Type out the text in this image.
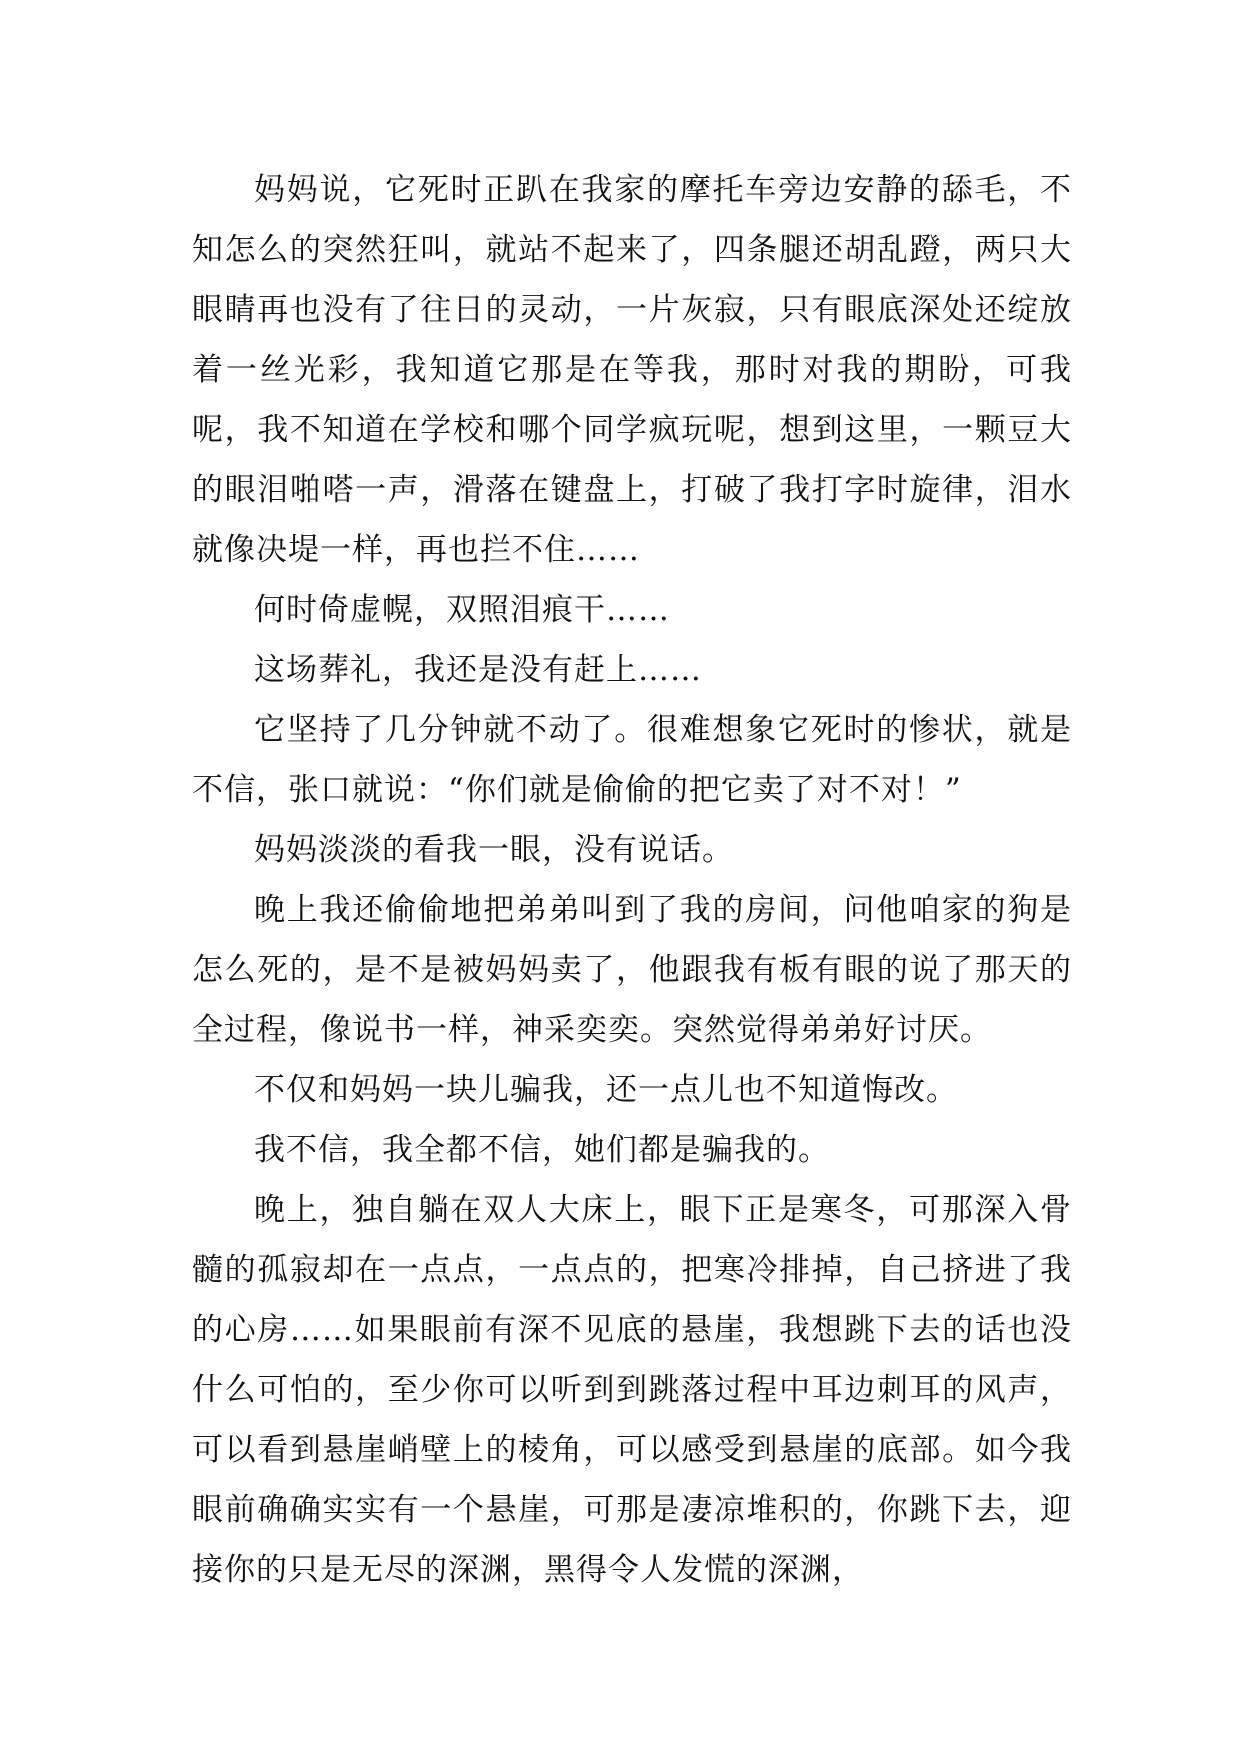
妈妈说，它死时正趴在我家的摩托车旁边安静的舔毛，不知怎么的突然狂叫，就站不起来了，四条腿还胡乱蹬，两只大眼睛再也没有了往日的灵动，一片灰寂，只有眼底深处还绽放着一丝光彩，我知道它那是在等我，那时对我的期盼，可我呢，我不知道在学校和哪个同学疯玩呢，想到这里，一颗豆大的眼泪啪嗒一声，滑落在键盘上，打破了我打字时旋律，泪水就像决堤一样，再也拦不住……

何时倚虚幌，双照泪痕干……

这场葬礼，我还是没有赶上……

它坚持了几分钟就不动了。很难想象它死时的惨状，就是不信，张口就说：“你们就是偷偷的把它卖了对不对！”

妈妈淡淡的看我一眼，没有说话。

晚上我还偷偷地把弟弟叫到了我的房间，问他咱家的狗是怎么死的，是不是被妈妈卖了，他跟我有板有眼的说了那天的全过程，像说书一样，神采奕奕。突然觉得弟弟好讨厌。

不仅和妈妈一块儿骗我，还一点儿也不知道悔改。

我不信，我全都不信，她们都是骗我的。

晚上，独自躺在双人大床上，眼下正是寒冬，可那深入骨髓的孤寂却在一点点，一点点的，把寒冷排掉，自己挤进了我的心房……如果眼前有深不见底的悬崖，我想跳下去的话也没什么可怕的，至少你可以听到到跳落过程中耳边刺耳的风声，可以看到悬崖峭壁上的棱角，可以感受到悬崖的底部。如今我眼前确确实实有一个悬崖，可那是凄凉堆积的，你跳下去，迎接你的只是无尽的深渊，黑得令人发慌的深渊，
